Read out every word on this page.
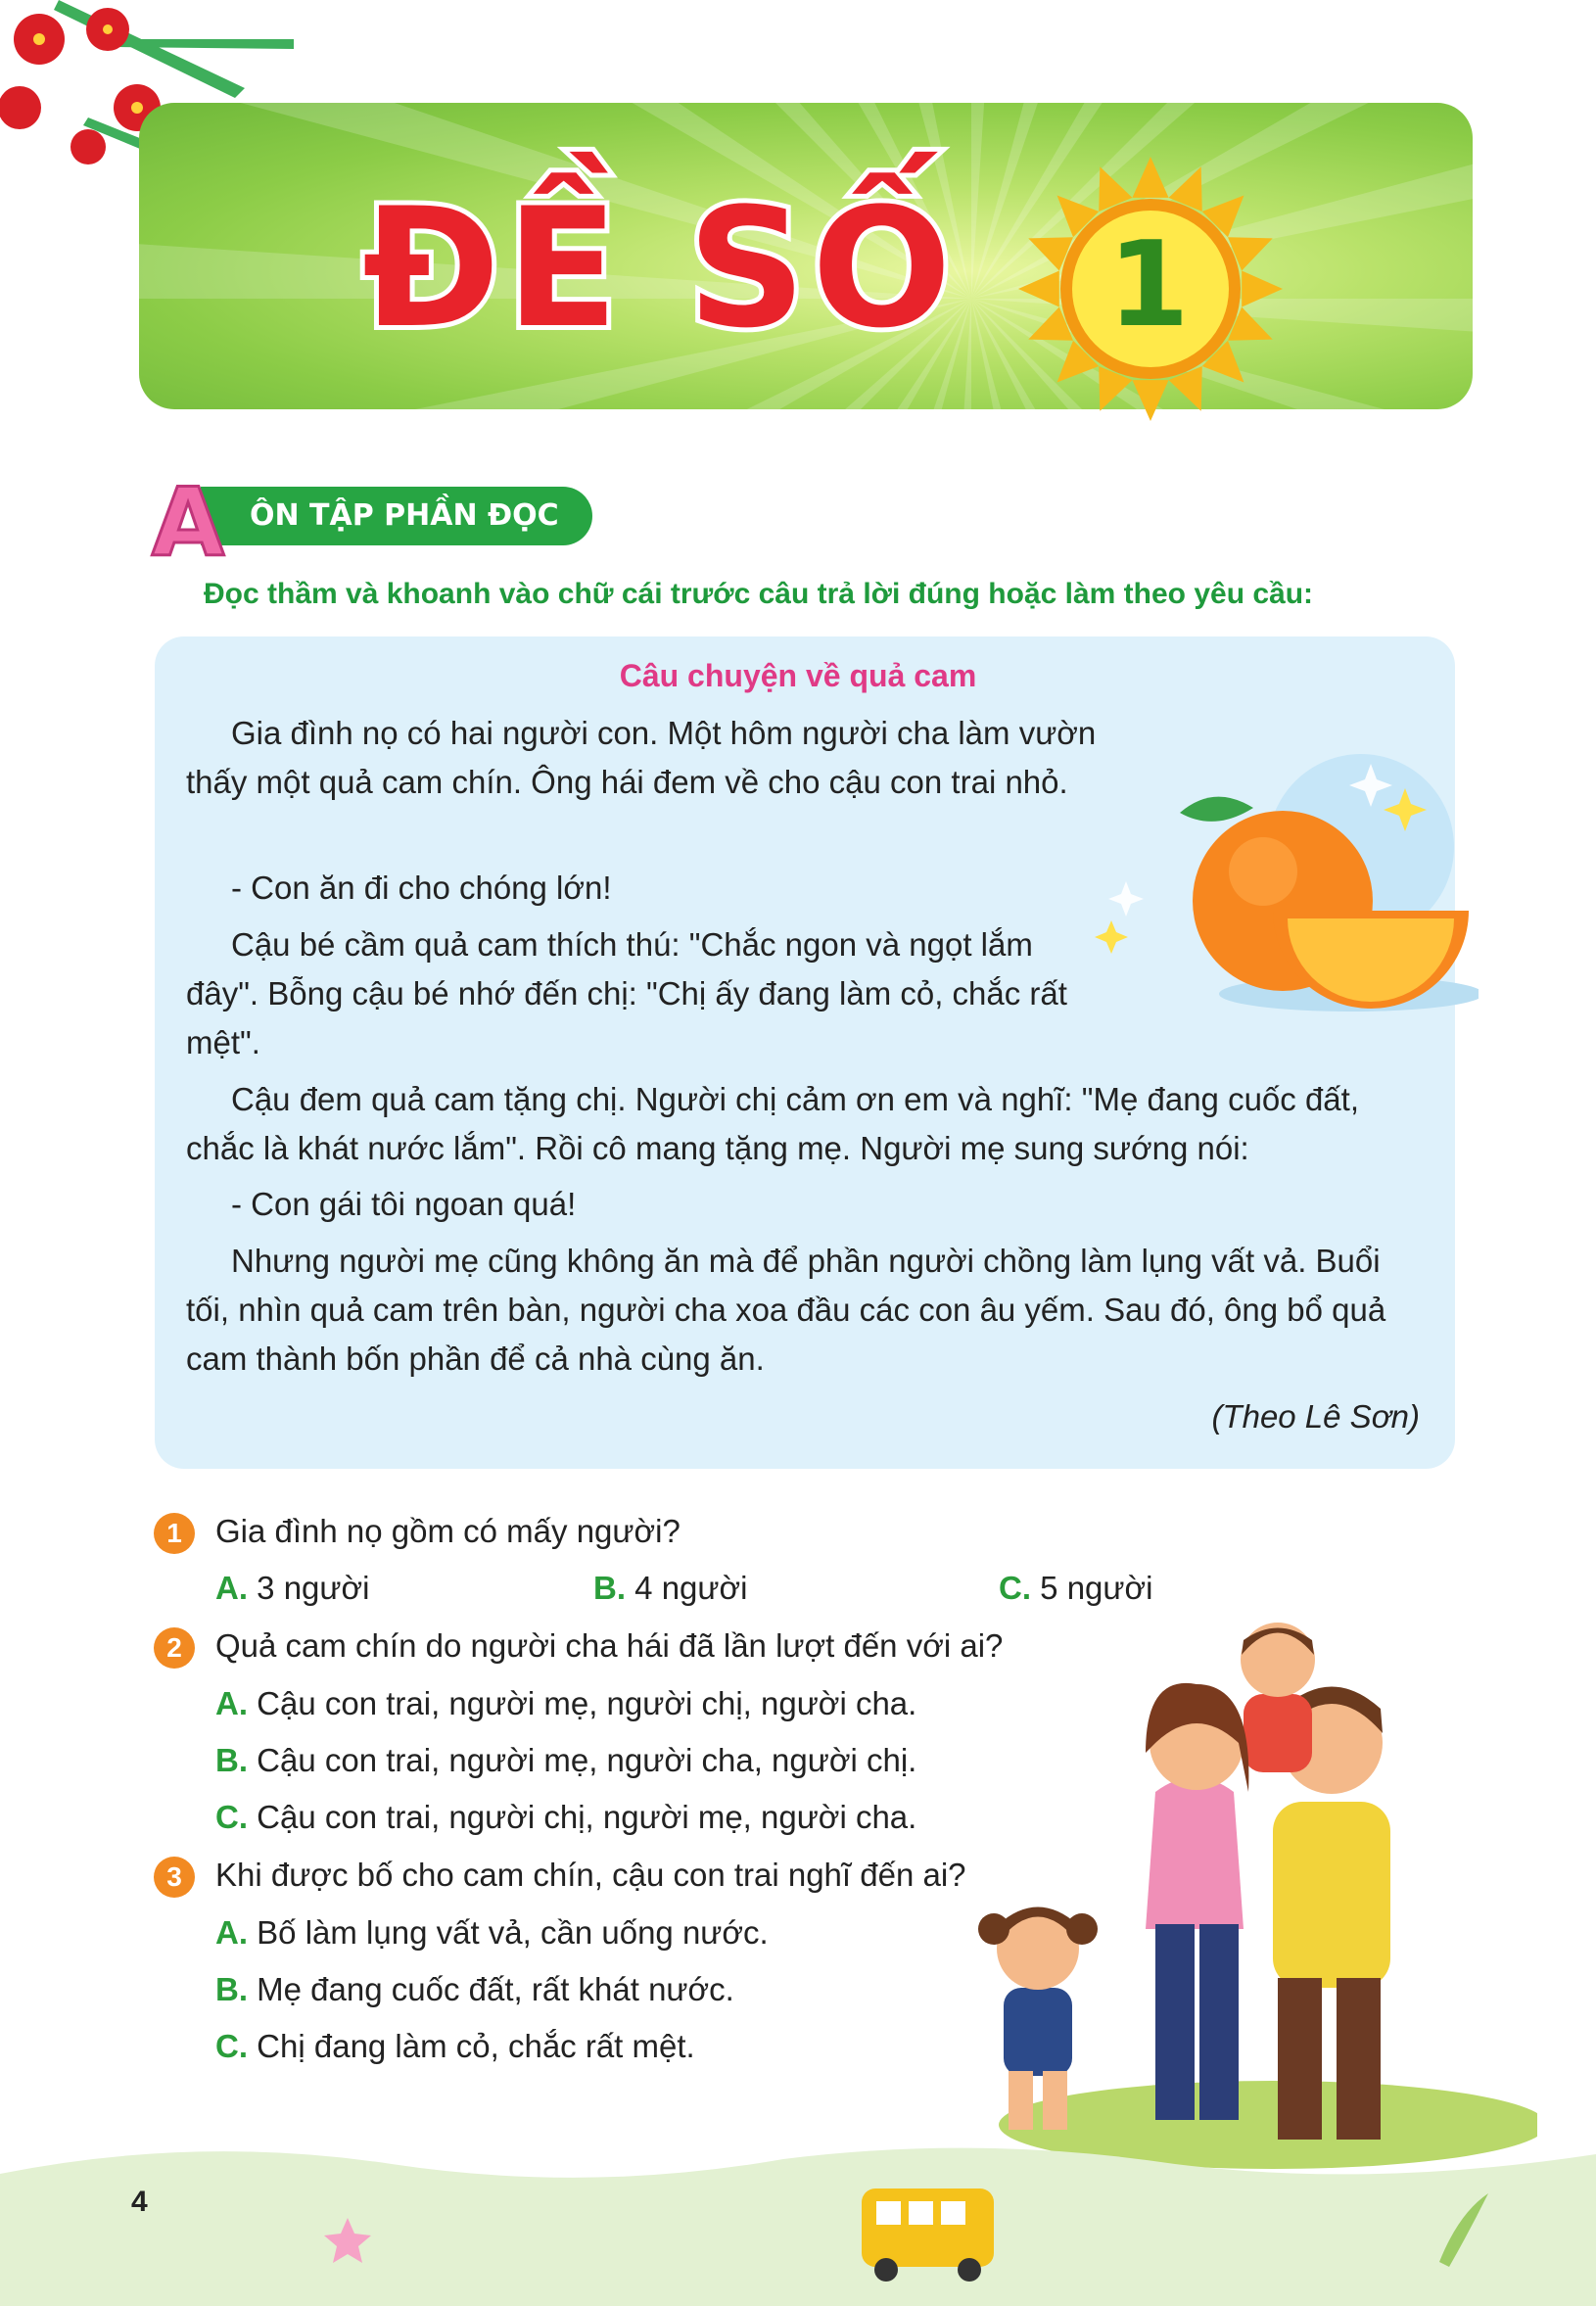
ĐỀ SỐ	1
A ÔN TẬP PHẦN ĐỌC
Đọc thầm và khoanh vào chữ cái trước câu trả lời đúng hoặc làm theo yêu cầu:
Câu chuyện về quả cam
Gia đình nọ có hai người con. Một hôm người cha làm vườn thấy một quả cam chín. Ông hái đem về cho cậu con trai nhỏ.
- Con ăn đi cho chóng lớn!
Cậu bé cầm quả cam thích thú: "Chắc ngon và ngọt lắm đây". Bỗng cậu bé nhớ đến chị: "Chị ấy đang làm cỏ, chắc rất mệt".
Cậu đem quả cam tặng chị. Người chị cảm ơn em và nghĩ: "Mẹ đang cuốc đất, chắc là khát nước lắm". Rồi cô mang tặng mẹ. Người mẹ sung sướng nói:
- Con gái tôi ngoan quá!
Nhưng người mẹ cũng không ăn mà để phần người chồng làm lụng vất vả. Buổi tối, nhìn quả cam trên bàn, người cha xoa đầu các con âu yếm. Sau đó, ông bổ quả cam thành bốn phần để cả nhà cùng ăn.
(Theo Lê Sơn)
1	Gia đình nọ gồm có mấy người?
A. 3 người	B. 4 người	C. 5 người
2	Quả cam chín do người cha hái đã lần lượt đến với ai?
A. Cậu con trai, người mẹ, người chị, người cha.
B. Cậu con trai, người mẹ, người cha, người chị.
C. Cậu con trai, người chị, người mẹ, người cha.
3	Khi được bố cho cam chín, cậu con trai nghĩ đến ai?
A. Bố làm lụng vất vả, cần uống nước.
B. Mẹ đang cuốc đất, rất khát nước.
C. Chị đang làm cỏ, chắc rất mệt.
4
